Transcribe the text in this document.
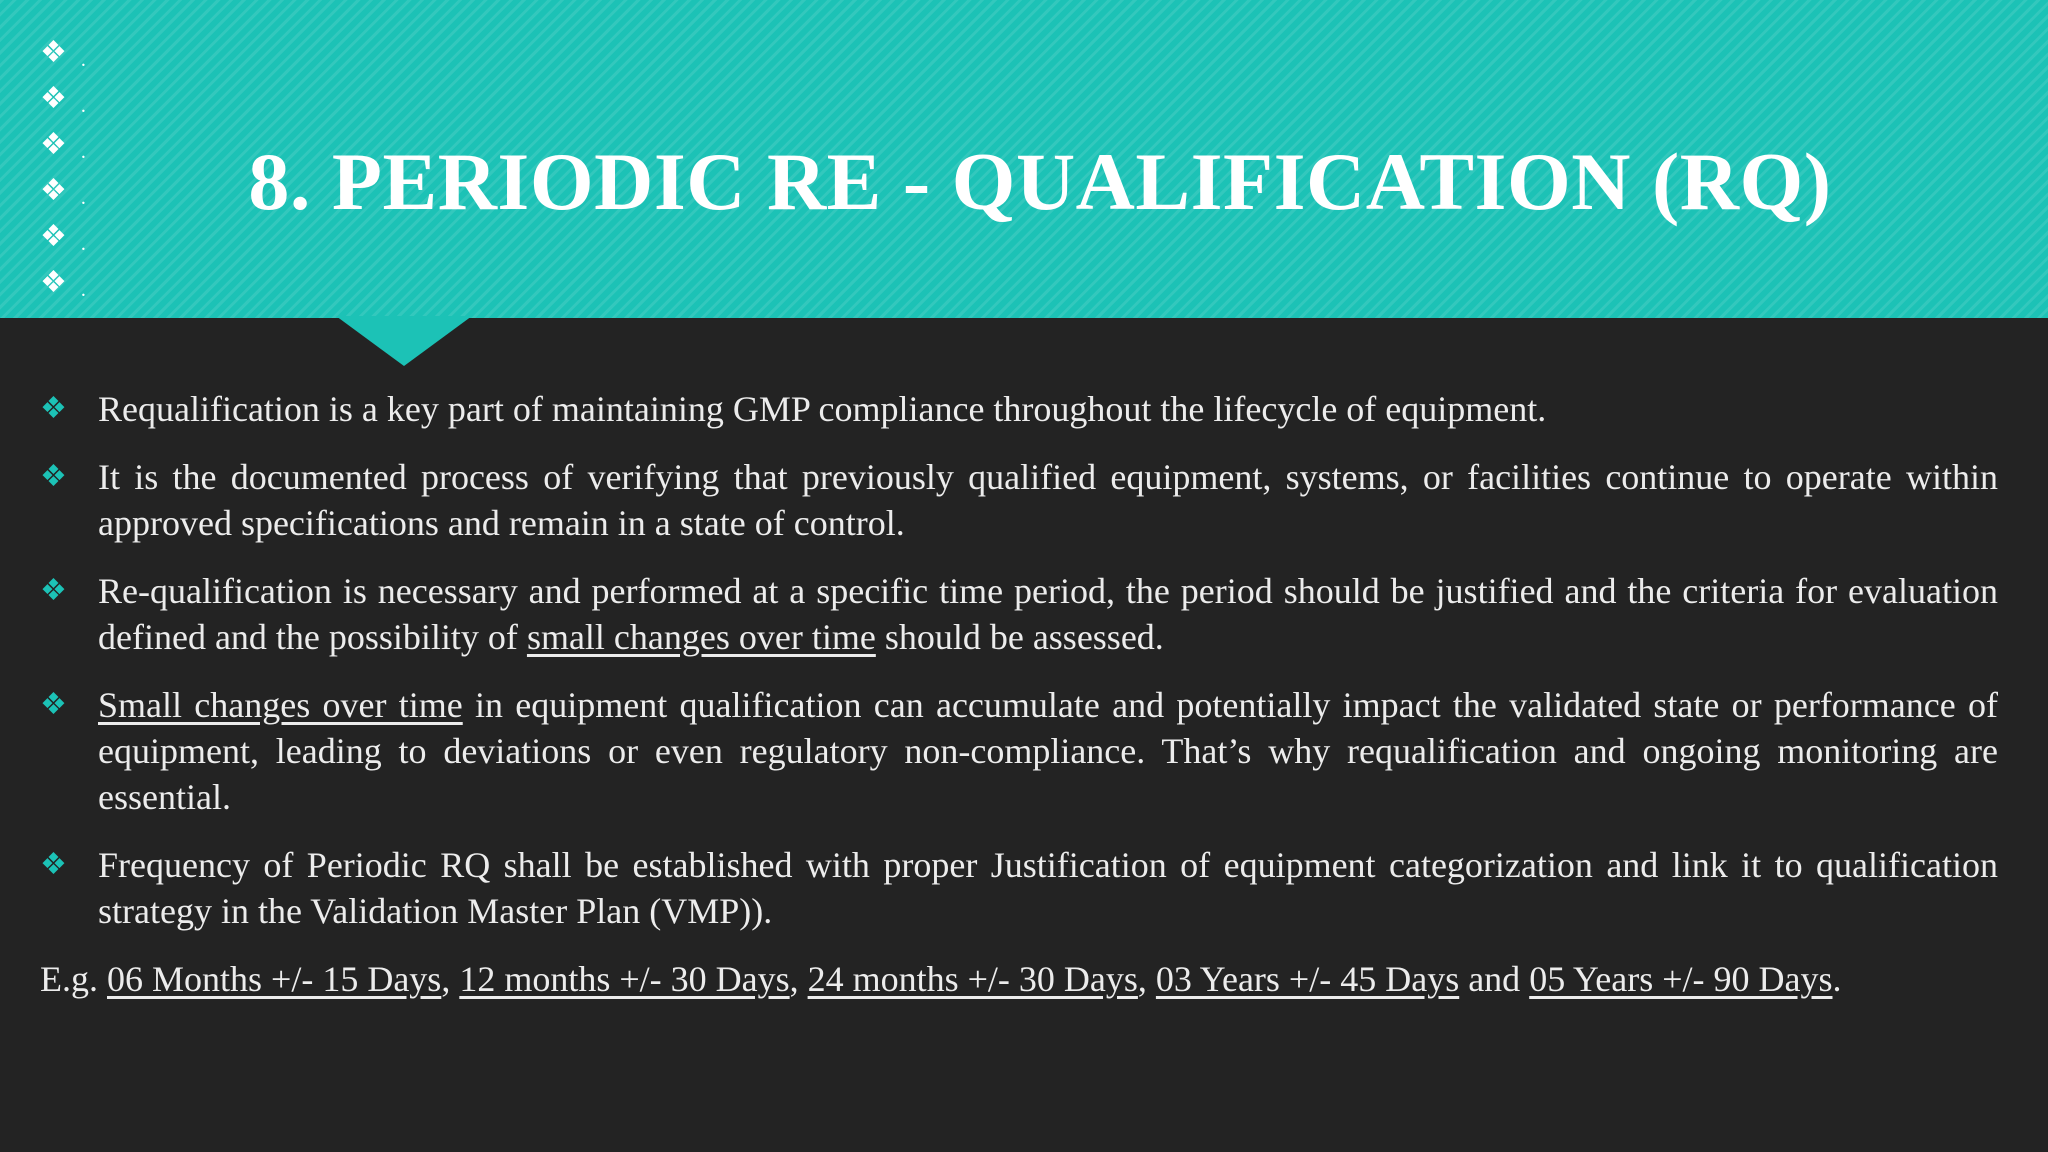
❖ .
❖ .
❖ .
❖ .
❖ .
❖ .
8. PERIODIC RE - QUALIFICATION (RQ)
❖ Requalification is a key part of maintaining GMP compliance throughout the lifecycle of equipment.
❖ It is the documented process of verifying that previously qualified equipment, systems, or facilities continue to operate within approved specifications and remain in a state of control.
❖ Re-qualification is necessary and performed at a specific time period, the period should be justified and the criteria for evaluation defined and the possibility of small changes over time should be assessed.
❖ Small changes over time in equipment qualification can accumulate and potentially impact the validated state or performance of equipment, leading to deviations or even regulatory non-compliance. That’s why requalification and ongoing monitoring are essential.
❖ Frequency of Periodic RQ shall be established with proper Justification of equipment categorization and link it to qualification strategy in the Validation Master Plan (VMP)).
E.g. 06 Months +/- 15 Days, 12 months +/- 30 Days, 24 months +/- 30 Days, 03 Years +/- 45 Days and 05 Years +/- 90 Days.
